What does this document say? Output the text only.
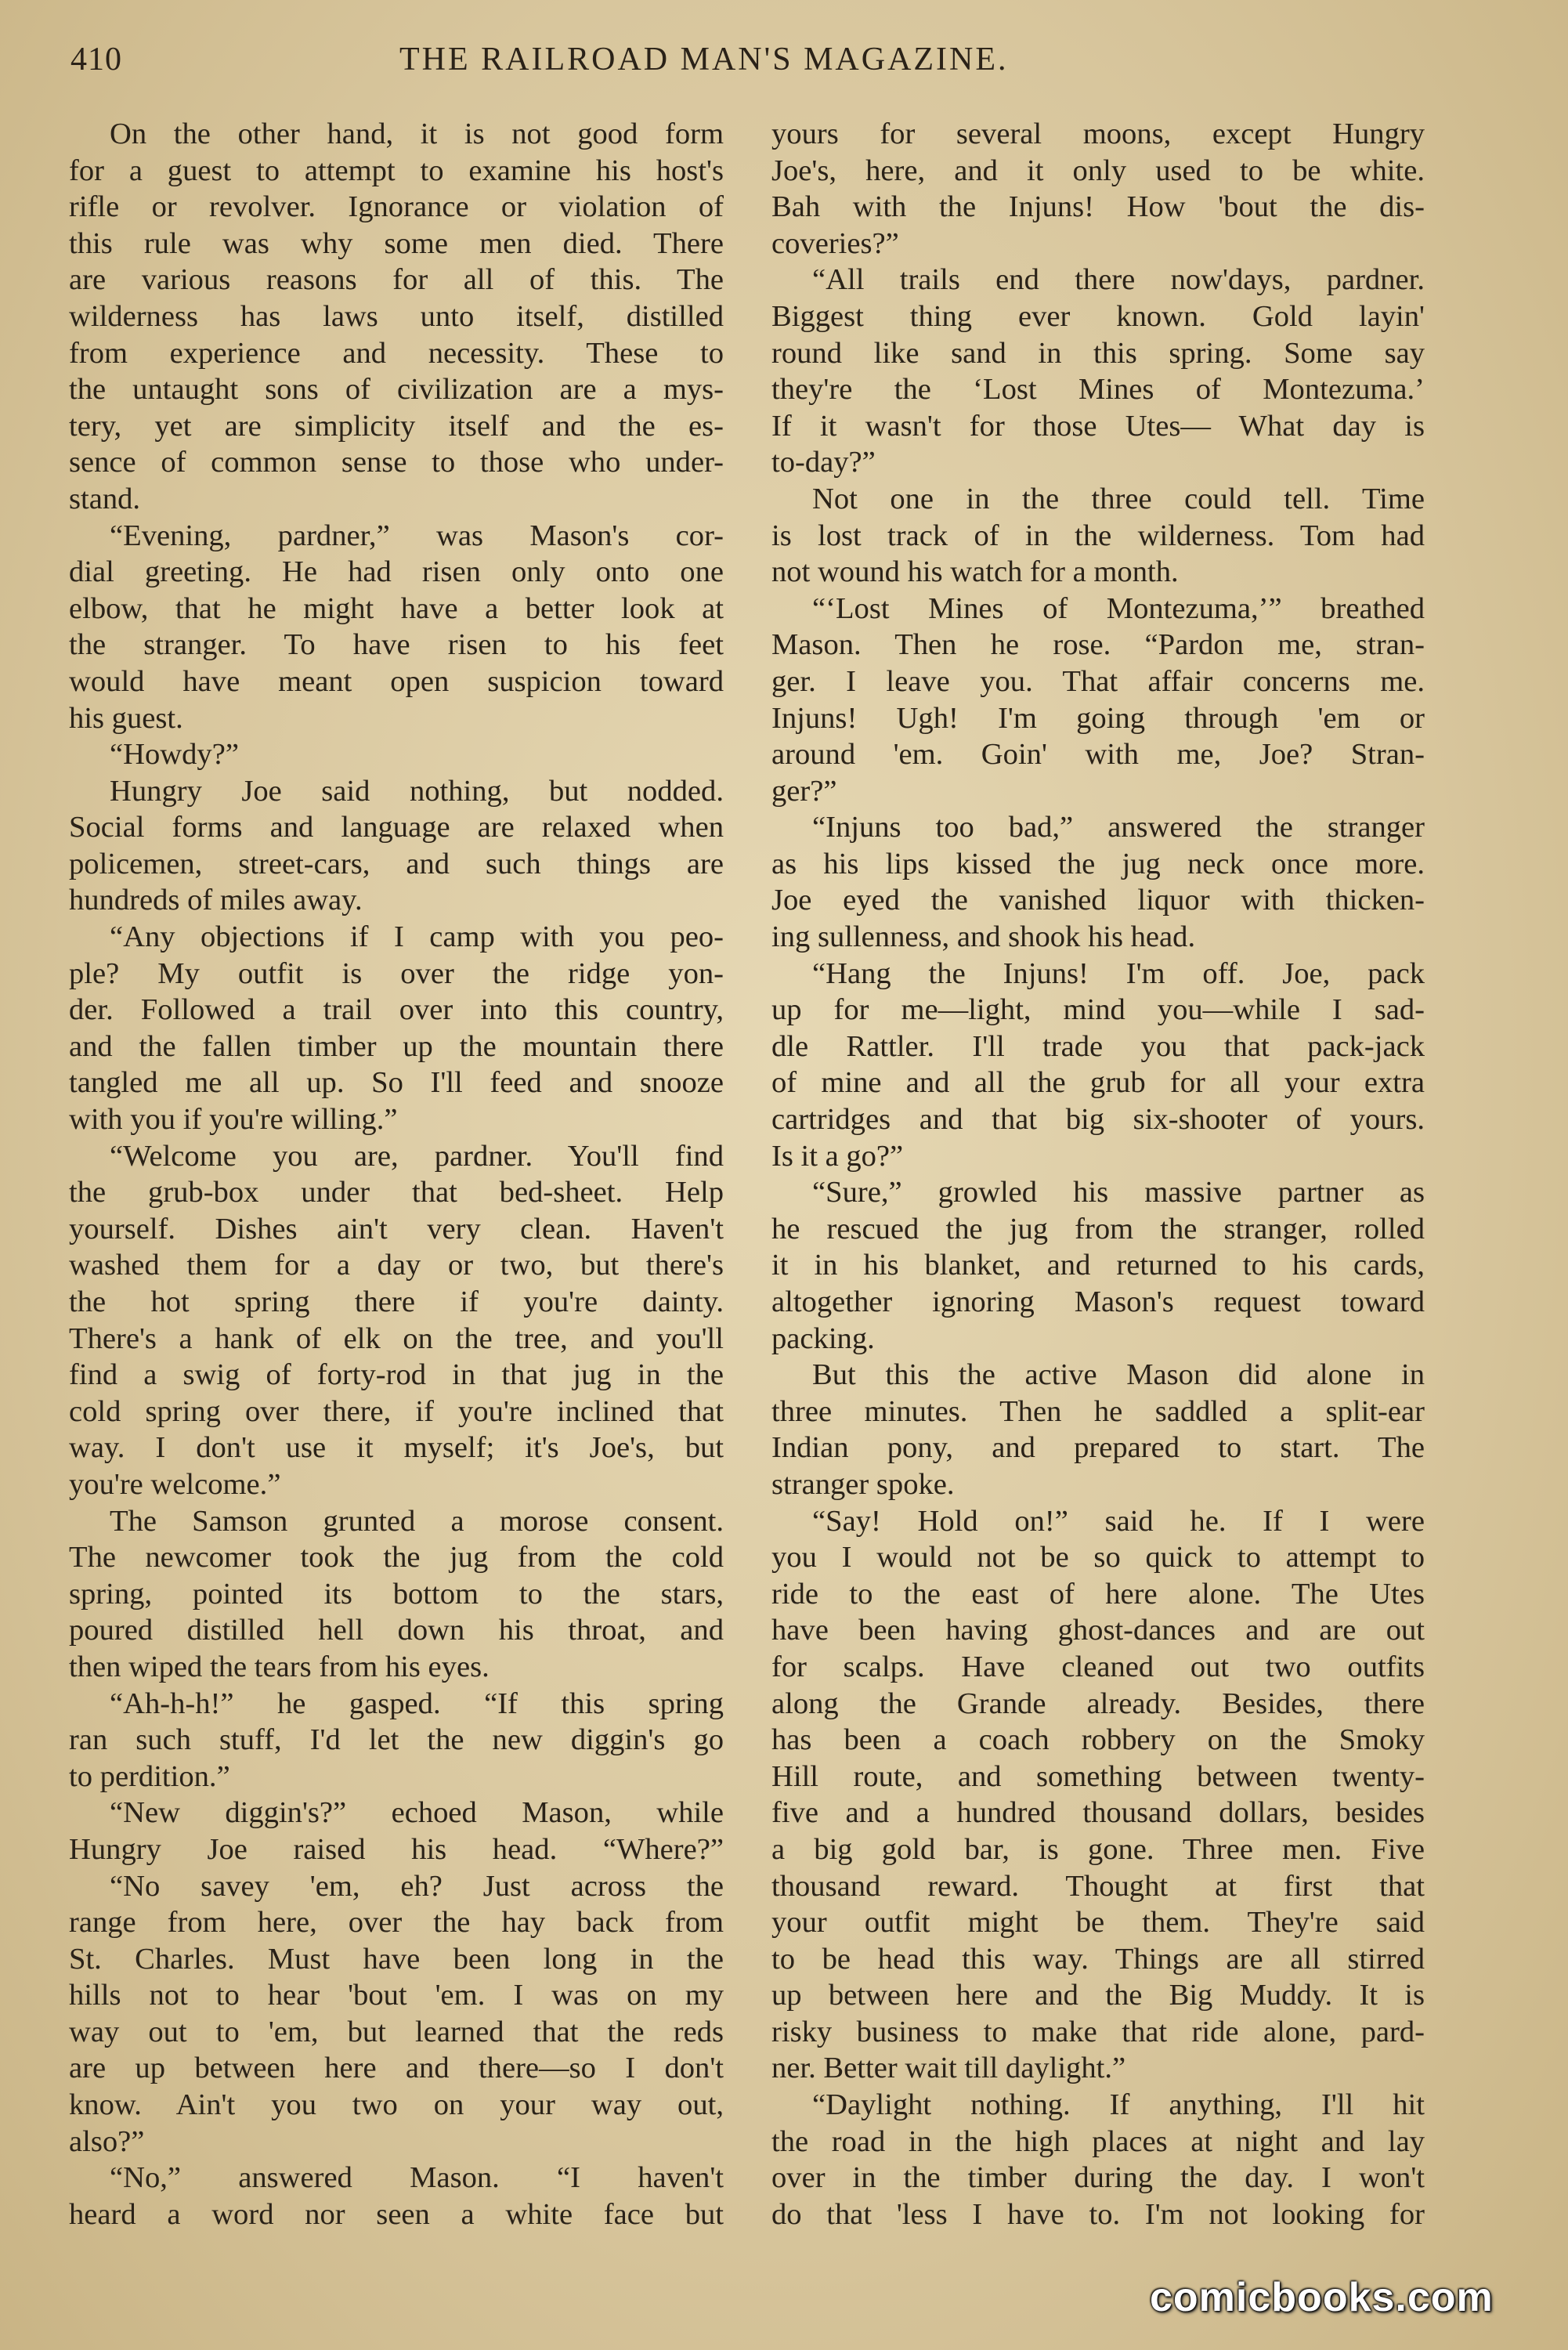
410	THE RAILROAD MAN'S MAGAZINE.
On the other hand, it is not good form
for a guest to attempt to examine his host's
rifle or revolver. Ignorance or violation of
this rule was why some men died. There
are various reasons for all of this. The
wilderness has laws unto itself, distilled
from experience and necessity. These to
the untaught sons of civilization are a mys-
tery, yet are simplicity itself and the es-
sence of common sense to those who under-
stand.
“Evening, pardner,” was Mason's cor-
dial greeting. He had risen only onto one
elbow, that he might have a better look at
the stranger. To have risen to his feet
would have meant open suspicion toward
his guest.
“Howdy?”
Hungry Joe said nothing, but nodded.
Social forms and language are relaxed when
policemen, street-cars, and such things are
hundreds of miles away.
“Any objections if I camp with you peo-
ple? My outfit is over the ridge yon-
der. Followed a trail over into this country,
and the fallen timber up the mountain there
tangled me all up. So I'll feed and snooze
with you if you're willing.”
“Welcome you are, pardner. You'll find
the grub-box under that bed-sheet. Help
yourself. Dishes ain't very clean. Haven't
washed them for a day or two, but there's
the hot spring there if you're dainty.
There's a hank of elk on the tree, and you'll
find a swig of forty-rod in that jug in the
cold spring over there, if you're inclined that
way. I don't use it myself; it's Joe's, but
you're welcome.”
The Samson grunted a morose consent.
The newcomer took the jug from the cold
spring, pointed its bottom to the stars,
poured distilled hell down his throat, and
then wiped the tears from his eyes.
“Ah-h-h!” he gasped. “If this spring
ran such stuff, I'd let the new diggin's go
to perdition.”
“New diggin's?” echoed Mason, while
Hungry Joe raised his head. “Where?”
“No savey 'em, eh? Just across the
range from here, over the hay back from
St. Charles. Must have been long in the
hills not to hear 'bout 'em. I was on my
way out to 'em, but learned that the reds
are up between here and there—so I don't
know. Ain't you two on your way out,
also?”
“No,” answered Mason. “I haven't
heard a word nor seen a white face but
yours for several moons, except Hungry
Joe's, here, and it only used to be white.
Bah with the Injuns! How 'bout the dis-
coveries?”
“All trails end there now'days, pardner.
Biggest thing ever known. Gold layin'
round like sand in this spring. Some say
they're the ‘Lost Mines of Montezuma.’
If it wasn't for those Utes— What day is
to-day?”
Not one in the three could tell. Time
is lost track of in the wilderness. Tom had
not wound his watch for a month.
“‘Lost Mines of Montezuma,’” breathed
Mason. Then he rose. “Pardon me, stran-
ger. I leave you. That affair concerns me.
Injuns! Ugh! I'm going through 'em or
around 'em. Goin' with me, Joe? Stran-
ger?”
“Injuns too bad,” answered the stranger
as his lips kissed the jug neck once more.
Joe eyed the vanished liquor with thicken-
ing sullenness, and shook his head.
“Hang the Injuns! I'm off. Joe, pack
up for me—light, mind you—while I sad-
dle Rattler. I'll trade you that pack-jack
of mine and all the grub for all your extra
cartridges and that big six-shooter of yours.
Is it a go?”
“Sure,” growled his massive partner as
he rescued the jug from the stranger, rolled
it in his blanket, and returned to his cards,
altogether ignoring Mason's request toward
packing.
But this the active Mason did alone in
three minutes. Then he saddled a split-ear
Indian pony, and prepared to start. The
stranger spoke.
“Say! Hold on!” said he. If I were
you I would not be so quick to attempt to
ride to the east of here alone. The Utes
have been having ghost-dances and are out
for scalps. Have cleaned out two outfits
along the Grande already. Besides, there
has been a coach robbery on the Smoky
Hill route, and something between twenty-
five and a hundred thousand dollars, besides
a big gold bar, is gone. Three men. Five
thousand reward. Thought at first that
your outfit might be them. They're said
to be head this way. Things are all stirred
up between here and the Big Muddy. It is
risky business to make that ride alone, pard-
ner. Better wait till daylight.”
“Daylight nothing. If anything, I'll hit
the road in the high places at night and lay
over in the timber during the day. I won't
do that 'less I have to. I'm not looking for
comicbooks.com
